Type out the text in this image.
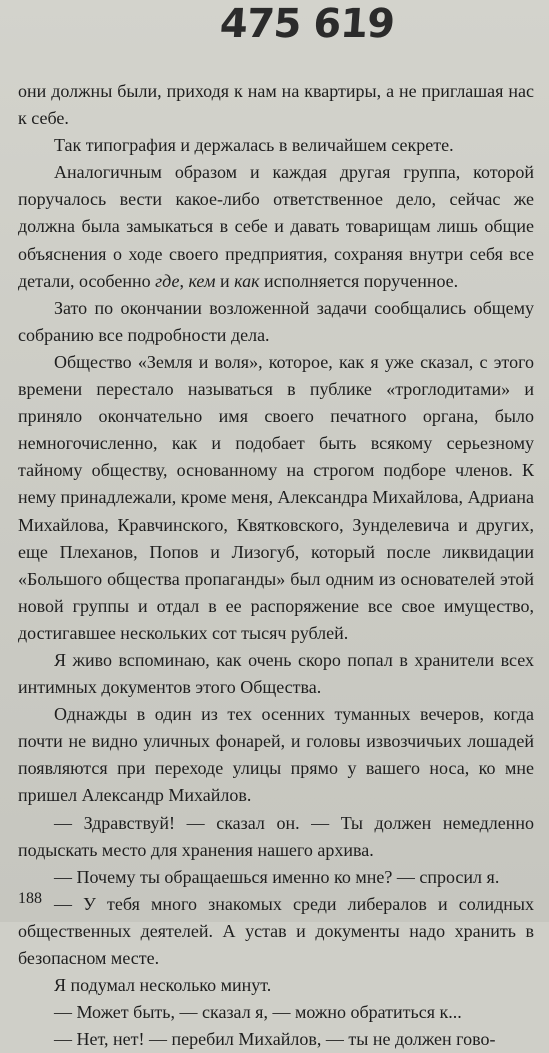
475 619

они должны были, приходя к нам на квартиры, а не приглашая нас к себе.

Так типография и держалась в величайшем секрете.

Аналогичным образом и каждая другая группа, которой поручалось вести какое-либо ответственное дело, сейчас же должна была замыкаться в себе и давать товарищам лишь общие объяснения о ходе своего предприятия, сохраняя внутри себя все детали, особенно где, кем и как исполняется порученное.

Зато по окончании возложенной задачи сообщались общему собранию все подробности дела.

Общество «Земля и воля», которое, как я уже сказал, с этого времени перестало называться в публике «троглодитами» и приняло окончательно имя своего печатного органа, было немногочисленно, как и подобает быть всякому серьезному тайному обществу, основанному на строгом подборе членов. К нему принадлежали, кроме меня, Александра Михайлова, Адриана Михайлова, Кравчинского, Квятковского, Зунделевича и других, еще Плеханов, Попов и Лизогуб, который после ликвидации «Большого общества пропаганды» был одним из основателей этой новой группы и отдал в ее распоряжение все свое имущество, достигавшее нескольких сот тысяч рублей.

Я живо вспоминаю, как очень скоро попал в хранители всех интимных документов этого Общества.

Однажды в один из тех осенних туманных вечеров, когда почти не видно уличных фонарей, и головы извозчичьих лошадей появляются при переходе улицы прямо у вашего носа, ко мне пришел Александр Михайлов.

— Здравствуй! — сказал он. — Ты должен немедленно подыскать место для хранения нашего архива.

— Почему ты обращаешься именно ко мне? — спросил я.

— У тебя много знакомых среди либералов и солидных общественных деятелей. А устав и документы надо хранить в безопасном месте.

Я подумал несколько минут.

— Может быть, — сказал я, — можно обратиться к...

— Нет, нет! — перебил Михайлов, — ты не должен гово-

188
